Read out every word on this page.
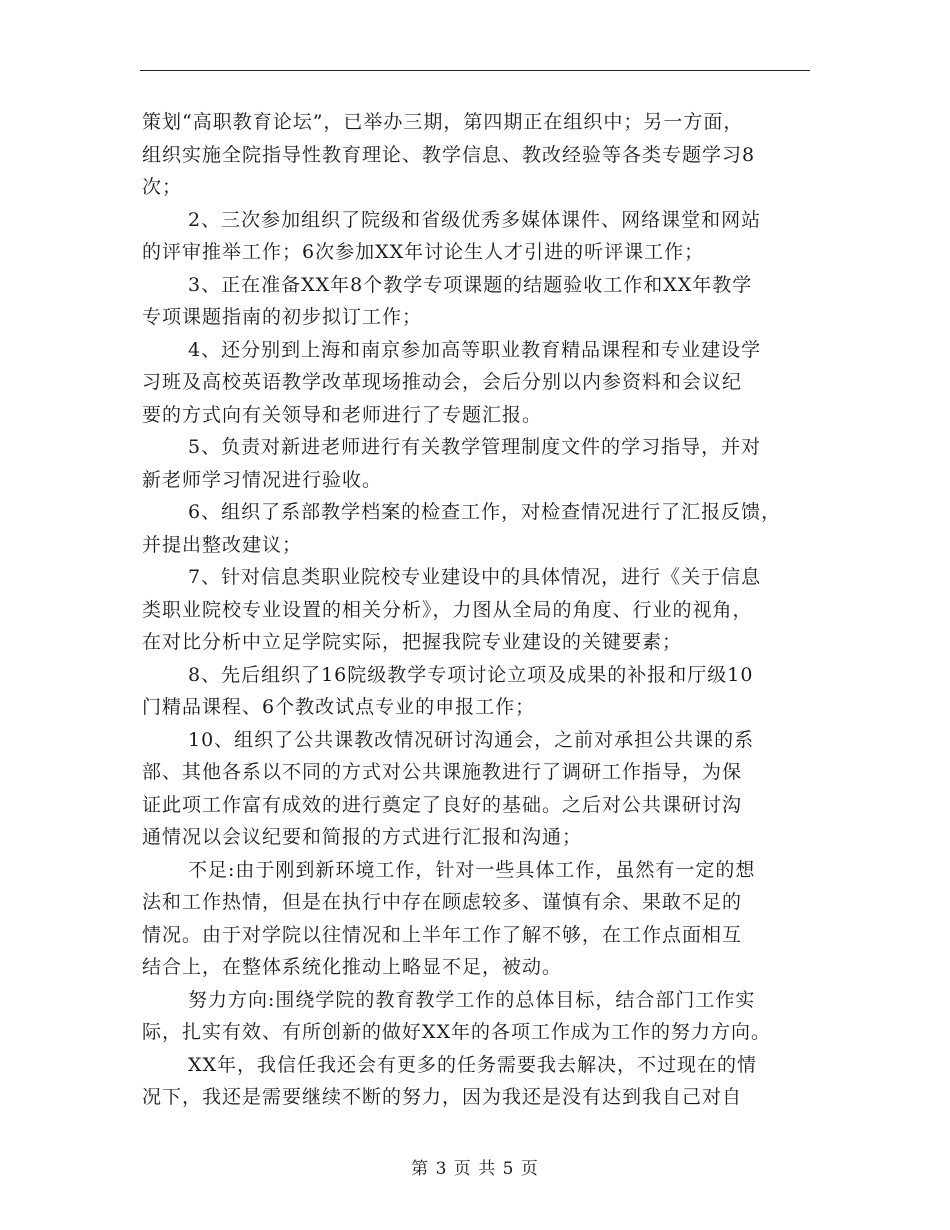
策划“高职教育论坛”，已举办三期，第四期正在组织中；另一方面，
组织实施全院指导性教育理论、教学信息、教改经验等各类专题学习8
次；
2、三次参加组织了院级和省级优秀多媒体课件、网络课堂和网站
的评审推举工作；6次参加XX年讨论生人才引进的听评课工作；
3、正在准备XX年8个教学专项课题的结题验收工作和XX年教学
专项课题指南的初步拟订工作；
4、还分别到上海和南京参加高等职业教育精品课程和专业建设学
习班及高校英语教学改革现场推动会，会后分别以内参资料和会议纪
要的方式向有关领导和老师进行了专题汇报。
5、负责对新进老师进行有关教学管理制度文件的学习指导，并对
新老师学习情况进行验收。
6、组织了系部教学档案的检查工作，对检查情况进行了汇报反馈，
并提出整改建议；
7、针对信息类职业院校专业建设中的具体情况，进行《关于信息
类职业院校专业设置的相关分析》，力图从全局的角度、行业的视角，
在对比分析中立足学院实际，把握我院专业建设的关键要素；
8、先后组织了16院级教学专项讨论立项及成果的补报和厅级10
门精品课程、6个教改试点专业的申报工作；
10、组织了公共课教改情况研讨沟通会，之前对承担公共课的系
部、其他各系以不同的方式对公共课施教进行了调研工作指导，为保
证此项工作富有成效的进行奠定了良好的基础。之后对公共课研讨沟
通情况以会议纪要和简报的方式进行汇报和沟通；
不足:由于刚到新环境工作，针对一些具体工作，虽然有一定的想
法和工作热情，但是在执行中存在顾虑较多、谨慎有余、果敢不足的
情况。由于对学院以往情况和上半年工作了解不够，在工作点面相互
结合上，在整体系统化推动上略显不足，被动。
努力方向:围绕学院的教育教学工作的总体目标，结合部门工作实
际，扎实有效、有所创新的做好XX年的各项工作成为工作的努力方向。
XX年，我信任我还会有更多的任务需要我去解决，不过现在的情
况下，我还是需要继续不断的努力，因为我还是没有达到我自己对自
第 3 页 共 5 页
